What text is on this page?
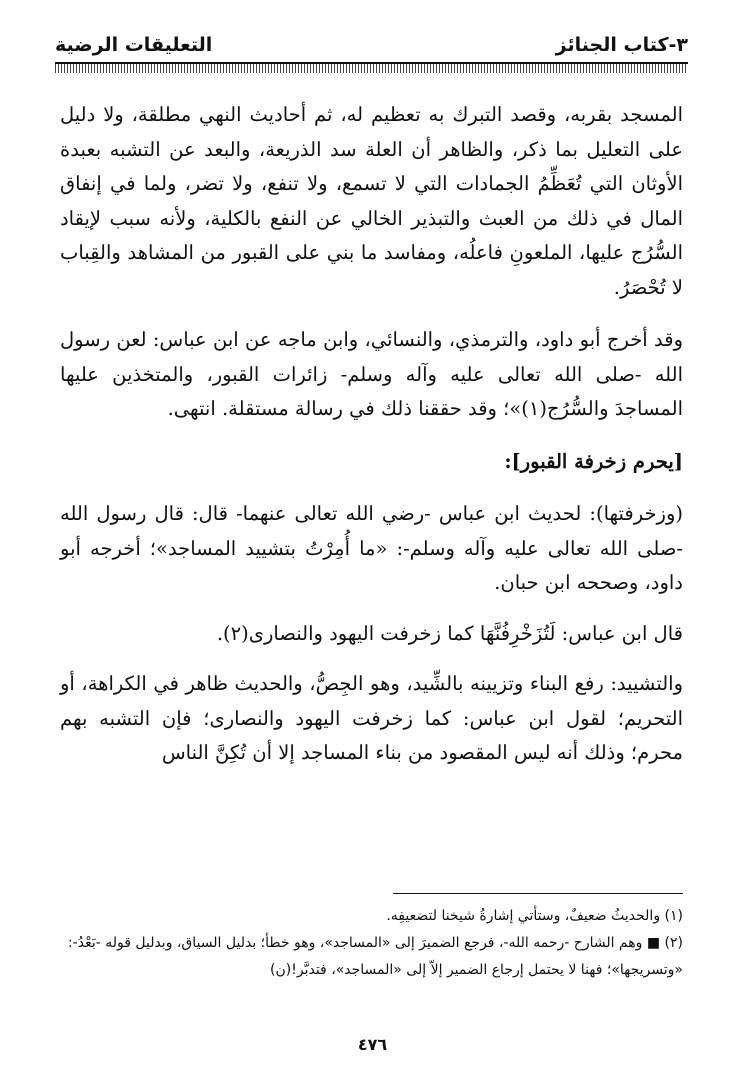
٣-كتاب الجنائز
التعليقات الرضية

المسجد بقربه، وقصد التبرك به تعظيم له، ثم أحاديث النهي مطلقة، ولا دليل على التعليل بما ذكر، والظاهر أن العلة سد الذريعة، والبعد عن التشبه بعبدة الأوثان التي تُعَظِّمُ الجمادات التي لا تسمع، ولا تنفع، ولا تضر، ولما في إنفاق المال في ذلك من العبث والتبذير الخالي عن النفع بالكلية، ولأنه سبب لإيقاد السُّرُج عليها، الملعونِ فاعلُه، ومفاسد ما بني على القبور من المشاهد والقِباب لا تُحْصَرُ.

وقد أخرج أبو داود، والترمذي، والنسائي، وابن ماجه عن ابن عباس: لعن رسول الله -صلى الله تعالى عليه وآله وسلم- زائرات القبور، والمتخذين عليها المساجدَ والسُّرُج(١)»؛ وقد حققنا ذلك في رسالة مستقلة. انتهى.

[يحرم زخرفة القبور]:

(وزخرفتها): لحديث ابن عباس -رضي الله تعالى عنهما- قال: قال رسول الله -صلى الله تعالى عليه وآله وسلم-: «ما أُمِرْتُ بتشييد المساجد»؛ أخرجه أبو داود، وصححه ابن حبان.

قال ابن عباس: لَتُزَخْرِفُنَّهَا كما زخرفت اليهود والنصارى(٢).

والتشييد: رفع البناء وتزيينه بالشِّيد، وهو الجِصُّ، والحديث ظاهر في الكراهة، أو التحريم؛ لقول ابن عباس: كما زخرفت اليهود والنصارى؛ فإن التشبه بهم محرم؛ وذلك أنه ليس المقصود من بناء المساجد إلا أن تُكِنَّ الناس

(١) والحديثُ ضعيفٌ، وستأتي إشارةُ شيخنا لتضعيفِه.

(٢) ■ وهم الشارح -رحمه الله-، فرجع الضميرَ إلى «المساجد»، وهو خطأ؛ بدليل السياق، وبدليل قوله -بَعْدُ-: «وتسريجها»؛ فهنا لا يحتمل إرجاع الضمير إلاّ إلى «المساجد»، فتدبَّر!(ن)

٤٧٦
